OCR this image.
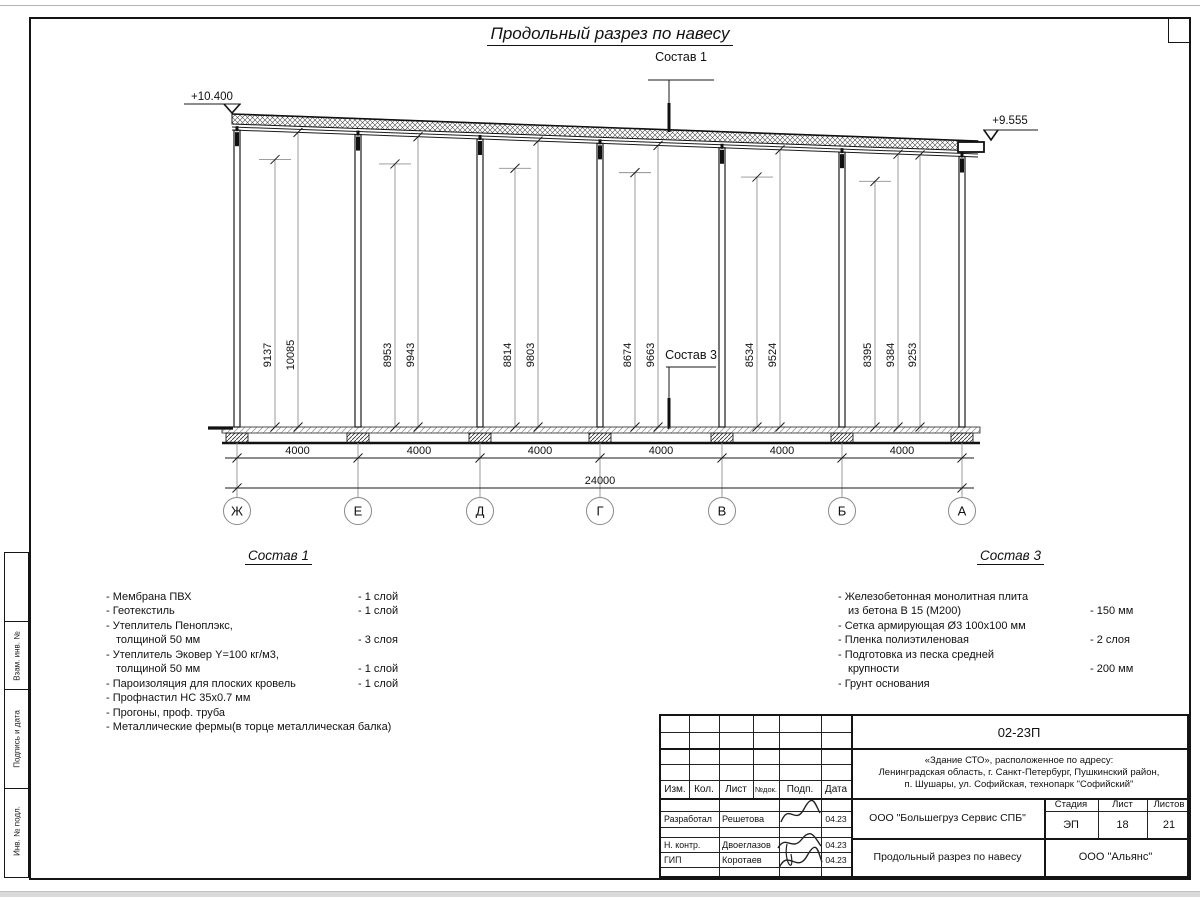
Взам. инв. №
Подпись и дата
Инв. № подл.
Продольный разрез по навесу
Состав 1
Состав 3
+10.400
+9.555
Ж	Е	Д	Г	В	Б	А
4000	4000	4000	4000	4000	4000
24000
9137 10085	8953 9943	8814 9803	8674 9663	8534 9524	8395 9384 9253
Состав 1
- Мембрана ПВХ	- 1 слой
- Геотекстиль	- 1 слой
- Утеплитель Пеноплэкс,
толщиной 50 мм	- 3 слоя
- Утеплитель Эковер Y=100 кг/м3,
толщиной 50 мм	- 1 слой
- Пароизоляция для плоских кровель	- 1 слой
- Профнастил НС 35х0.7 мм
- Прогоны, проф. труба
- Металлические фермы(в торце металлическая балка)
Состав 3
- Железобетонная монолитная плита
из бетона В 15 (М200)	- 150 мм
- Сетка армирующая Ø3 100х100 мм
- Пленка полиэтиленовая	- 2 слоя
- Подготовка из песка средней
крупности	- 200 мм
- Грунт основания
Изм. Кол.	Лист	№док. Подп.	Дата
02-23П
«Здание СТО», расположенное по адресу:
Ленинградская область, г. Санкт-Петербург, Пушкинский район,
п. Шушары, ул. Софийская, технопарк "Софийский"
Разработал	Решетова	04.23
Н. контр.	Двоеглазов	04.23
ГИП	Коротаев	04.23
ООО "Большегруз Сервис СПБ"
Продольный разрез по навесу
Стадия	Лист	Листов
ЭП	18	21
ООО "Альянс"
